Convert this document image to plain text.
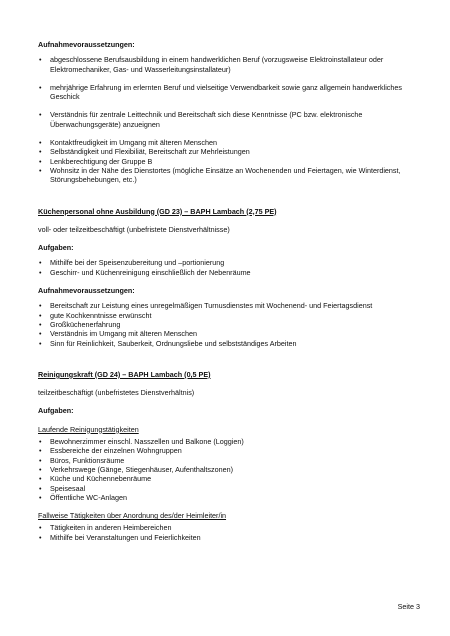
Aufnahmevoraussetzungen:

• abgeschlossene Berufsausbildung in einem handwerklichen Beruf (vorzugsweise Elektroinstallateur oder Elektromechaniker, Gas- und Wasserleitungsinstallateur)
• mehrjährige Erfahrung im erlernten Beruf und vielseitige Verwendbarkeit sowie ganz allgemein handwerkliches Geschick
• Verständnis für zentrale Leittechnik und Bereitschaft sich diese Kenntnisse (PC bzw. elektronische Überwachungsgeräte) anzueignen
• Kontaktfreudigkeit im Umgang mit älteren Menschen
• Selbständigkeit und Flexibiliät, Bereitschaft zur Mehrleistungen
• Lenkberechtigung der Gruppe B
• Wohnsitz in der Nähe des Dienstortes (mögliche Einsätze an Wochenenden und Feiertagen, wie Winterdienst, Störungsbehebungen, etc.)

Küchenpersonal ohne Ausbildung (GD 23) – BAPH Lambach (2,75 PE)

voll- oder teilzeitbeschäftigt (unbefristete Dienstverhältnisse)

Aufgaben:

• Mithilfe bei der Speisenzubereitung und –portionierung
• Geschirr- und Küchenreinigung einschließlich der Nebenräume

Aufnahmevoraussetzungen:

• Bereitschaft zur Leistung eines unregelmäßigen Turnusdienstes mit Wochenend- und Feiertagsdienst
• gute Kochkenntnisse erwünscht
• Großküchenerfahrung
• Verständnis im Umgang mit älteren Menschen
• Sinn für Reinlichkeit, Sauberkeit, Ordnungsliebe und selbstständiges Arbeiten

Reinigungskraft (GD 24) – BAPH Lambach (0,5 PE)

teilzeitbeschäftigt (unbefristetes Dienstverhältnis)

Aufgaben:

Laufende Reinigungstätigkeiten

• Bewohnerzimmer einschl. Nasszellen und Balkone (Loggien)
• Essbereiche der einzelnen Wohngruppen
• Büros, Funktionsräume
• Verkehrswege (Gänge, Stiegenhäuser, Aufenthaltszonen)
• Küche und Küchennebenräume
• Speisesaal
• Öffentliche WC-Anlagen

Fallweise Tätigkeiten über Anordnung des/der Heimleiter/in

• Tätigkeiten in anderen Heimbereichen
• Mithilfe bei Veranstaltungen und Feierlichkeiten
Seite 3
